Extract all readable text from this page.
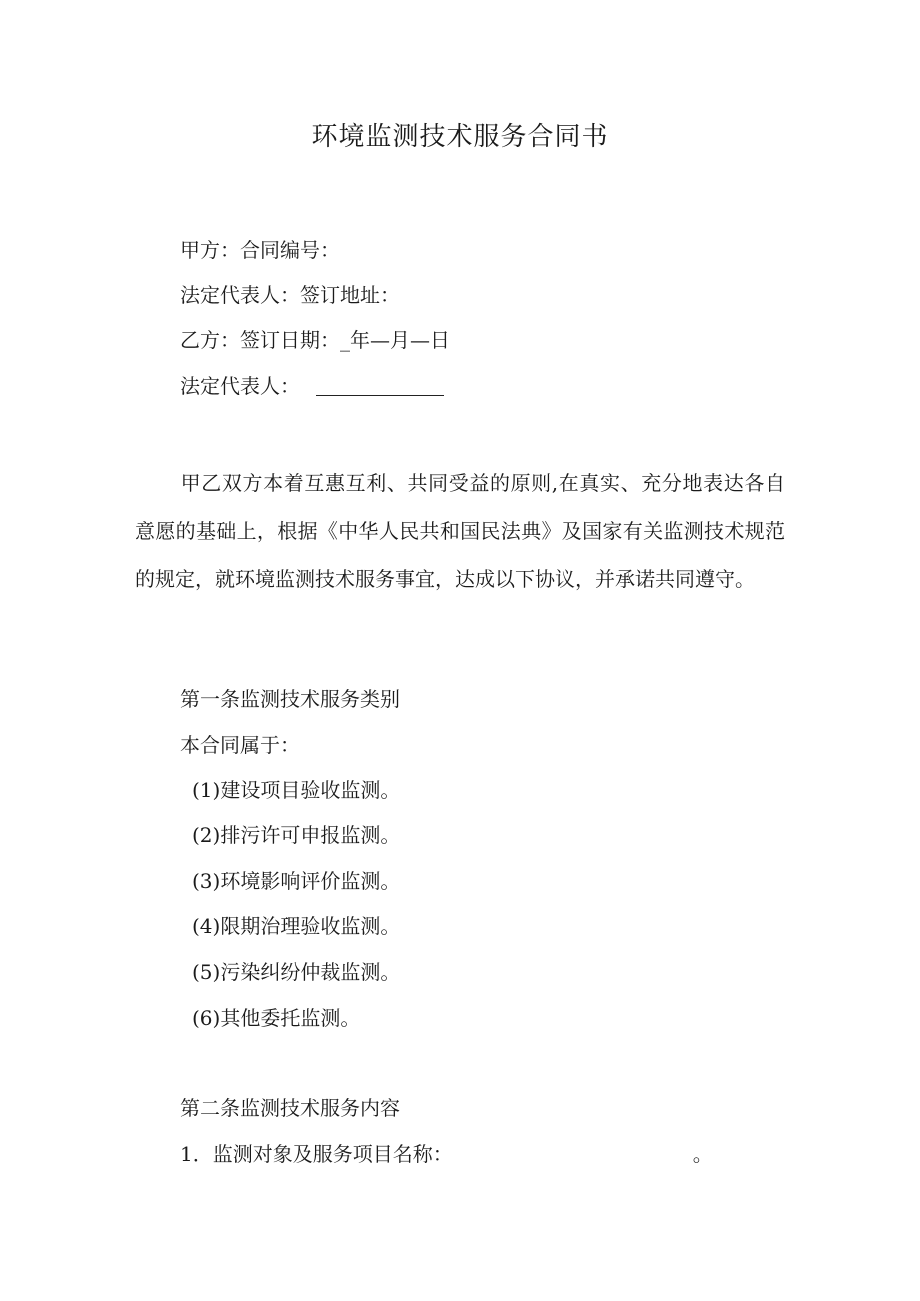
环境监测技术服务合同书
甲方：合同编号：
法定代表人：签订地址：
乙方：签订日期：_年—月—日
法定代表人：
甲乙双方本着互惠互利、共同受益的原则,在真实、充分地表达各自意愿的基础上，根据《中华人民共和国民法典》及国家有关监测技术规范的规定，就环境监测技术服务事宜，达成以下协议，并承诺共同遵守。
第一条监测技术服务类别
本合同属于：
(1)建设项目验收监测。
(2)排污许可申报监测。
(3)环境影响评价监测。
(4)限期治理验收监测。
(5)污染纠纷仲裁监测。
(6)其他委托监测。
第二条监测技术服务内容
1．监测对象及服务项目名称：	。
